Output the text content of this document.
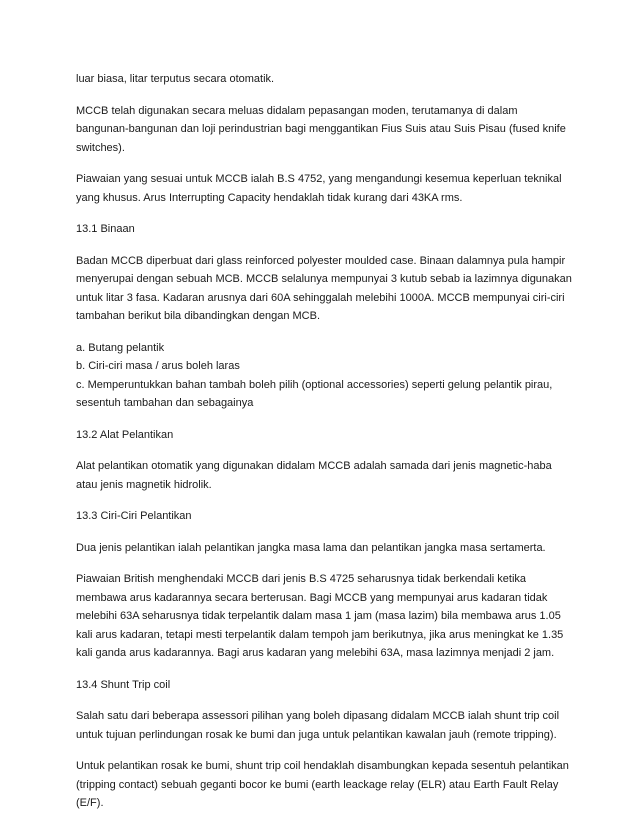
luar biasa, litar terputus secara otomatik.

MCCB telah digunakan secara meluas didalam pepasangan moden, terutamanya di dalam bangunan-bangunan dan loji perindustrian bagi menggantikan Fius Suis atau Suis Pisau (fused knife switches).

Piawaian yang sesuai untuk MCCB ialah B.S 4752, yang mengandungi kesemua keperluan teknikal yang khusus. Arus Interrupting Capacity hendaklah tidak kurang dari 43KA rms.

13.1 Binaan

Badan MCCB diperbuat dari glass reinforced polyester moulded case. Binaan dalamnya pula hampir menyerupai dengan sebuah MCB. MCCB selalunya mempunyai 3 kutub sebab ia lazimnya digunakan untuk litar 3 fasa. Kadaran arusnya dari 60A sehinggalah melebihi 1000A. MCCB mempunyai ciri-ciri tambahan berikut bila dibandingkan dengan MCB.

a. Butang pelantik

b. Ciri-ciri masa / arus boleh laras

c. Memperuntukkan bahan tambah boleh pilih (optional accessories) seperti gelung pelantik pirau, sesentuh tambahan dan sebagainya

13.2 Alat Pelantikan

Alat pelantikan otomatik yang digunakan didalam MCCB adalah samada dari jenis magnetic-haba atau jenis magnetik hidrolik.

13.3 Ciri-Ciri Pelantikan

Dua jenis pelantikan ialah pelantikan jangka masa lama dan pelantikan jangka masa sertamerta.

Piawaian British menghendaki MCCB dari jenis B.S 4725 seharusnya tidak berkendali ketika membawa arus kadarannya secara berterusan. Bagi MCCB yang mempunyai arus kadaran tidak melebihi 63A seharusnya tidak terpelantik dalam masa 1 jam (masa lazim) bila membawa arus 1.05 kali arus kadaran, tetapi mesti terpelantik dalam tempoh jam berikutnya, jika arus meningkat ke 1.35 kali ganda arus kadarannya. Bagi arus kadaran yang melebihi 63A, masa lazimnya menjadi 2 jam.

13.4 Shunt Trip coil

Salah satu dari beberapa assessori pilihan yang boleh dipasang didalam MCCB ialah shunt trip coil untuk tujuan perlindungan rosak ke bumi dan juga untuk pelantikan kawalan jauh (remote tripping).

Untuk pelantikan rosak ke bumi, shunt trip coil hendaklah disambungkan kepada sesentuh pelantikan (tripping contact) sebuah geganti bocor ke bumi (earth leackage relay (ELR) atau Earth Fault Relay (E/F).
